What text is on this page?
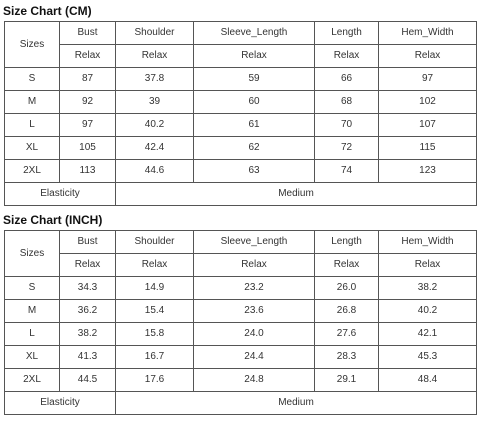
Size Chart (CM)
Sizes	Bust	Shoulder	Sleeve_Length	Length	Hem_Width
	Relax	Relax	Relax	Relax	Relax
S	87	37.8	59	66	97
M	92	39	60	68	102
L	97	40.2	61	70	107
XL	105	42.4	62	72	115
2XL	113	44.6	63	74	123
Elasticity		Medium			
Size Chart (INCH)
Sizes	Bust	Shoulder	Sleeve_Length	Length	Hem_Width
	Relax	Relax	Relax	Relax	Relax
S	34.3	14.9	23.2	26.0	38.2
M	36.2	15.4	23.6	26.8	40.2
L	38.2	15.8	24.0	27.6	42.1
XL	41.3	16.7	24.4	28.3	45.3
2XL	44.5	17.6	24.8	29.1	48.4
Elasticity		Medium			
